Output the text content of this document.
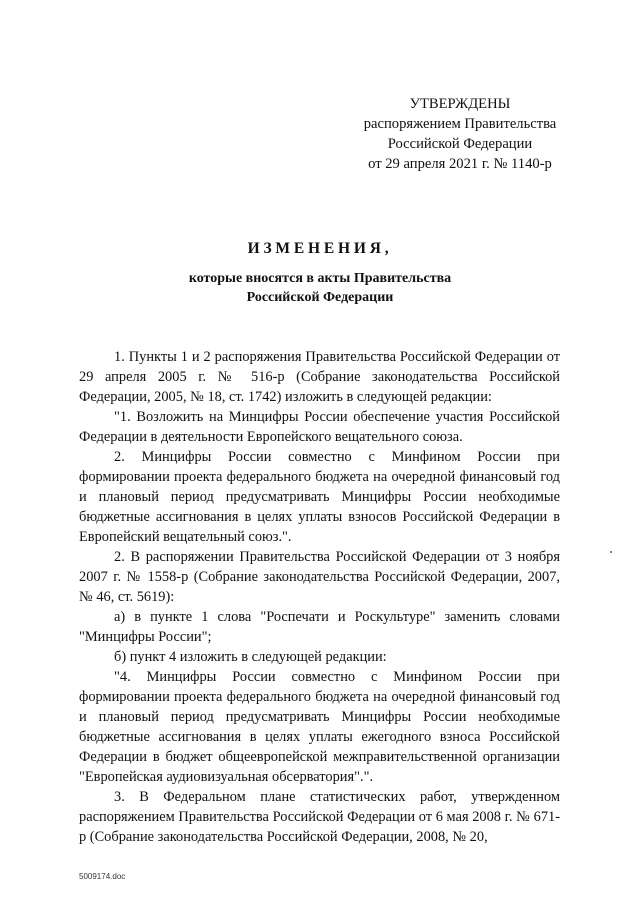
УТВЕРЖДЕНЫ
распоряжением Правительства
Российской Федерации
от 29 апреля 2021 г. № 1140-р
ИЗМЕНЕНИЯ,
которые вносятся в акты Правительства
Российской Федерации

1. Пункты 1 и 2 распоряжения Правительства Российской Федерации от 29 апреля 2005 г. № 516-р (Собрание законодательства Российской Федерации, 2005, № 18, ст. 1742) изложить в следующей редакции:

"1. Возложить на Минцифры России обеспечение участия Российской Федерации в деятельности Европейского вещательного союза.

2. Минцифры России совместно с Минфином России при формировании проекта федерального бюджета на очередной финансовый год и плановый период предусматривать Минцифры России необходимые бюджетные ассигнования в целях уплаты взносов Российской Федерации в Европейский вещательный союз.".

2. В распоряжении Правительства Российской Федерации от 3 ноября 2007 г. № 1558-р (Собрание законодательства Российской Федерации, 2007, № 46, ст. 5619):

а) в пункте 1 слова "Роспечати и Роскультуре" заменить словами "Минцифры России";

б) пункт 4 изложить в следующей редакции:

"4. Минцифры России совместно с Минфином России при формировании проекта федерального бюджета на очередной финансовый год и плановый период предусматривать Минцифры России необходимые бюджетные ассигнования в целях уплаты ежегодного взноса Российской Федерации в бюджет общеевропейской межправительственной организации "Европейская аудиовизуальная обсерватория".".

3. В Федеральном плане статистических работ, утвержденном распоряжением Правительства Российской Федерации от 6 мая 2008 г. № 671-р (Собрание законодательства Российской Федерации, 2008, № 20,

5009174.doc
